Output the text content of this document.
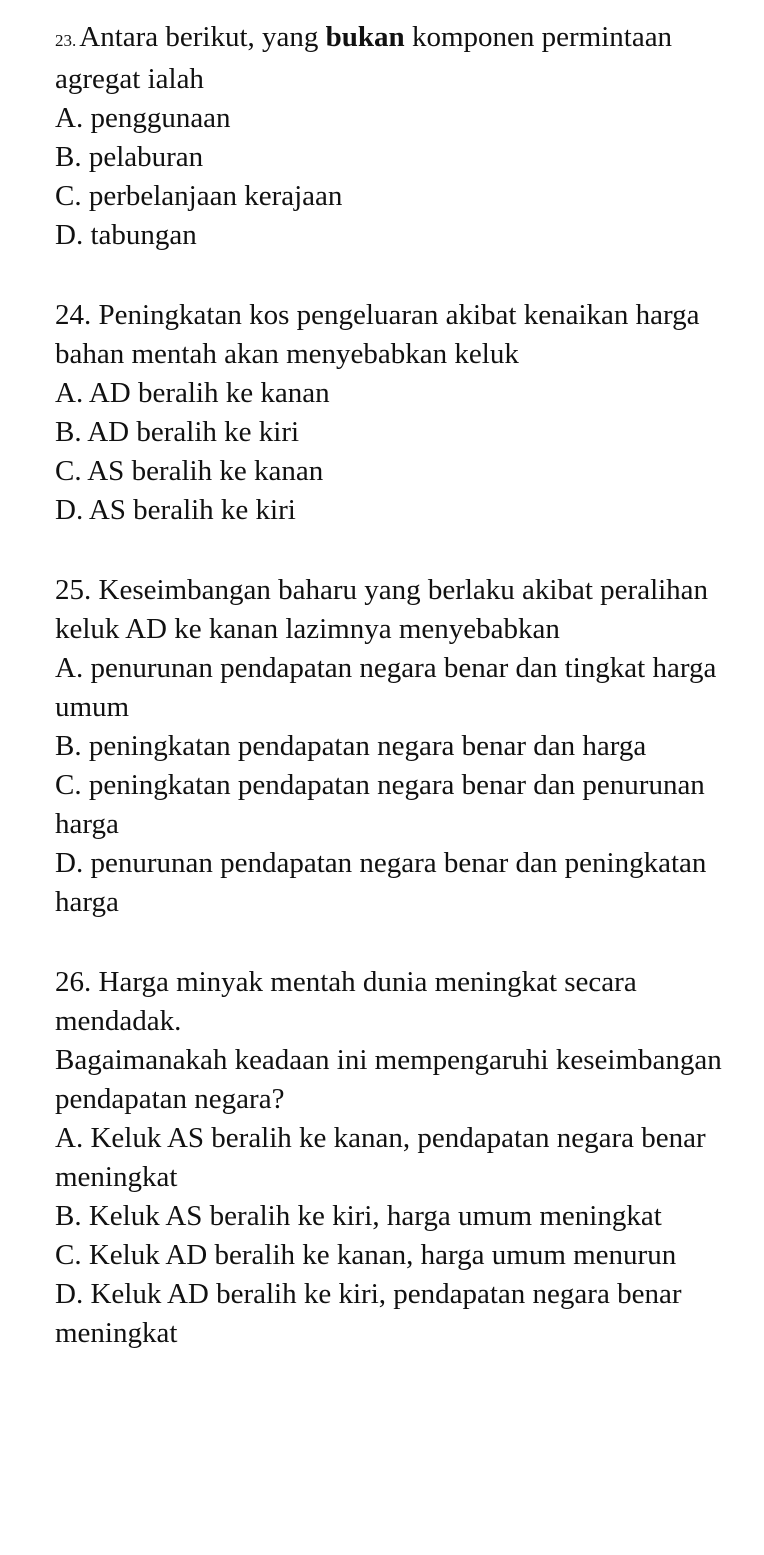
23. Antara berikut, yang bukan komponen permintaan agregat ialah

A. penggunaan

B. pelaburan

C. perbelanjaan kerajaan

D. tabungan

24. Peningkatan kos pengeluaran akibat kenaikan harga bahan mentah akan menyebabkan keluk

A. AD beralih ke kanan

B. AD beralih ke kiri

C. AS beralih ke kanan

D. AS beralih ke kiri

25. Keseimbangan baharu yang berlaku akibat peralihan keluk AD ke kanan lazimnya menyebabkan

A. penurunan pendapatan negara benar dan tingkat harga umum

B. peningkatan pendapatan negara benar dan harga

C. peningkatan pendapatan negara benar dan penurunan harga

D. penurunan pendapatan negara benar dan peningkatan harga

26. Harga minyak mentah dunia meningkat secara mendadak.

Bagaimanakah keadaan ini mempengaruhi keseimbangan pendapatan negara?

A. Keluk AS beralih ke kanan, pendapatan negara benar meningkat

B. Keluk AS beralih ke kiri, harga umum meningkat

C. Keluk AD beralih ke kanan, harga umum menurun

D. Keluk AD beralih ke kiri, pendapatan negara benar meningkat
